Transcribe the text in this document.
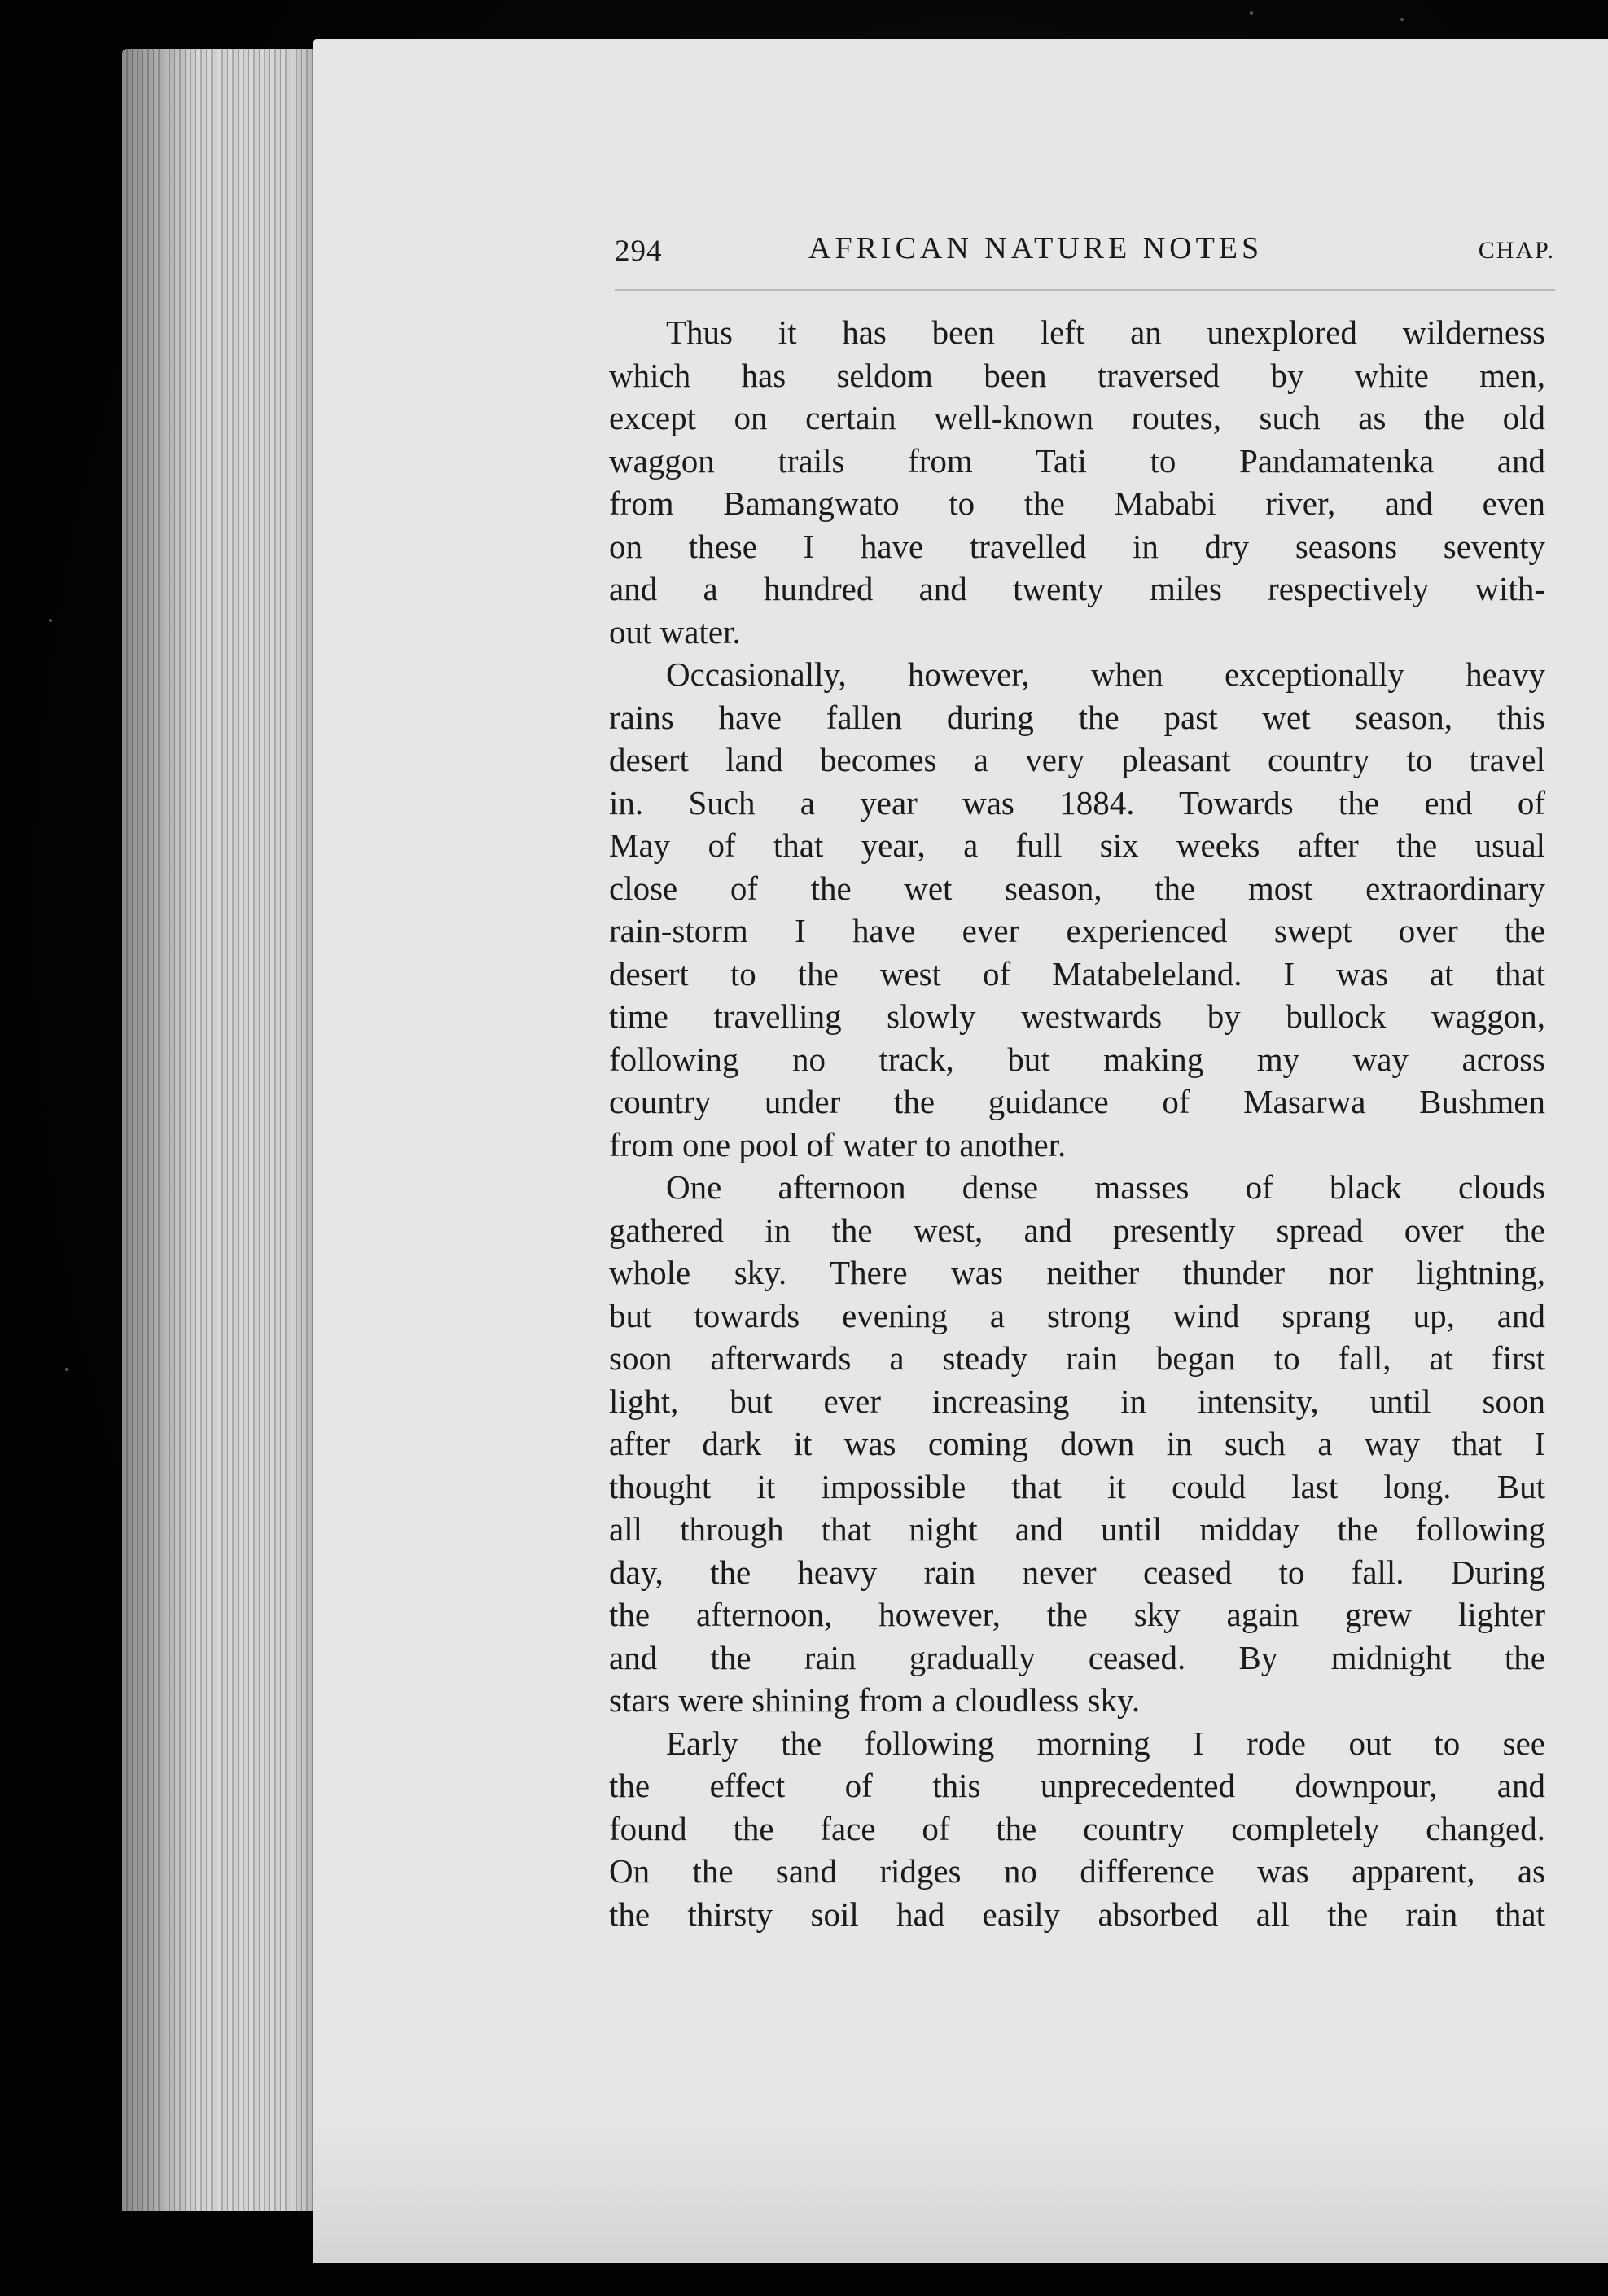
294	AFRICAN NATURE NOTES	CHAP.
Thus it has been left an unexplored wilderness
which has seldom been traversed by white men,
except on certain well-known routes, such as the old
waggon trails from Tati to Pandamatenka and
from Bamangwato to the Mababi river, and even
on these I have travelled in dry seasons seventy
and a hundred and twenty miles respectively with-
out water.
Occasionally, however, when exceptionally heavy
rains have fallen during the past wet season, this
desert land becomes a very pleasant country to travel
in. Such a year was 1884. Towards the end of
May of that year, a full six weeks after the usual
close of the wet season, the most extraordinary
rain-storm I have ever experienced swept over the
desert to the west of Matabeleland. I was at that
time travelling slowly westwards by bullock waggon,
following no track, but making my way across
country under the guidance of Masarwa Bushmen
from one pool of water to another.
One afternoon dense masses of black clouds
gathered in the west, and presently spread over the
whole sky. There was neither thunder nor lightning,
but towards evening a strong wind sprang up, and
soon afterwards a steady rain began to fall, at first
light, but ever increasing in intensity, until soon
after dark it was coming down in such a way that I
thought it impossible that it could last long. But
all through that night and until midday the following
day, the heavy rain never ceased to fall. During
the afternoon, however, the sky again grew lighter
and the rain gradually ceased. By midnight the
stars were shining from a cloudless sky.
Early the following morning I rode out to see
the effect of this unprecedented downpour, and
found the face of the country completely changed.
On the sand ridges no difference was apparent, as
the thirsty soil had easily absorbed all the rain that
